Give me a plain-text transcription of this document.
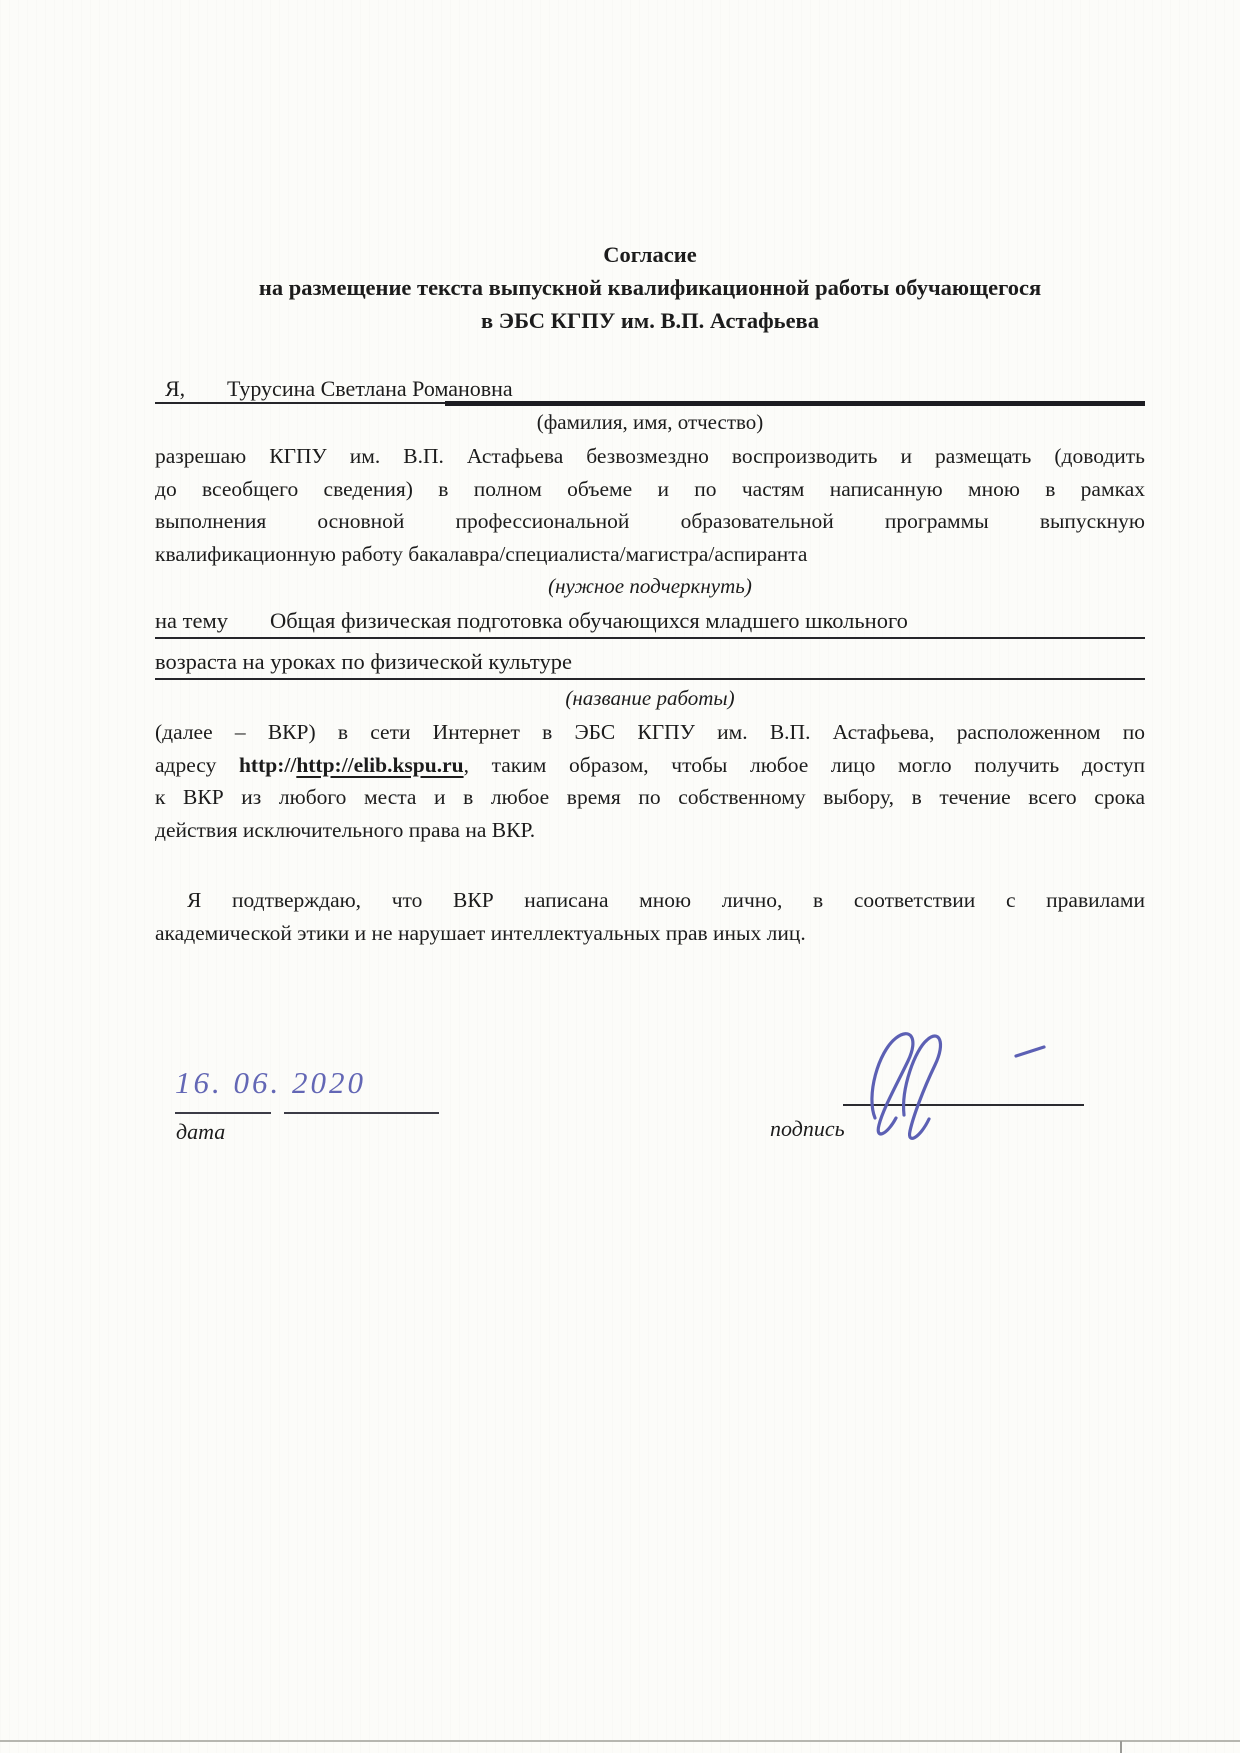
Согласие
на размещение текста выпускной квалификационной работы обучающегося
в ЭБС КГПУ им. В.П. Астафьева
Я, Турусина Светлана Романовна
(фамилия, имя, отчество)
разрешаю КГПУ им. В.П. Астафьева безвозмездно воспроизводить и размещать (доводить
до всеобщего сведения) в полном объеме и по частям написанную мною в рамках
выполнения основной профессиональной образовательной программы выпускную
квалификационную работу бакалавра/специалиста/магистра/аспиранта
(нужное подчеркнуть)
на тему Общая физическая подготовка обучающихся младшего школьного
возраста на уроках по физической культуре
(название работы)
(далее – ВКР) в сети Интернет в ЭБС КГПУ им. В.П. Астафьева, расположенном по
адресу http://http://elib.kspu.ru, таким образом, чтобы любое лицо могло получить доступ
к ВКР из любого места и в любое время по собственному выбору, в течение всего срока
действия исключительного права на ВКР.
Я подтверждаю, что ВКР написана мною лично, в соответствии с правилами
академической этики и не нарушает интеллектуальных прав иных лиц.
16. 06. 2020
дата	подпись
